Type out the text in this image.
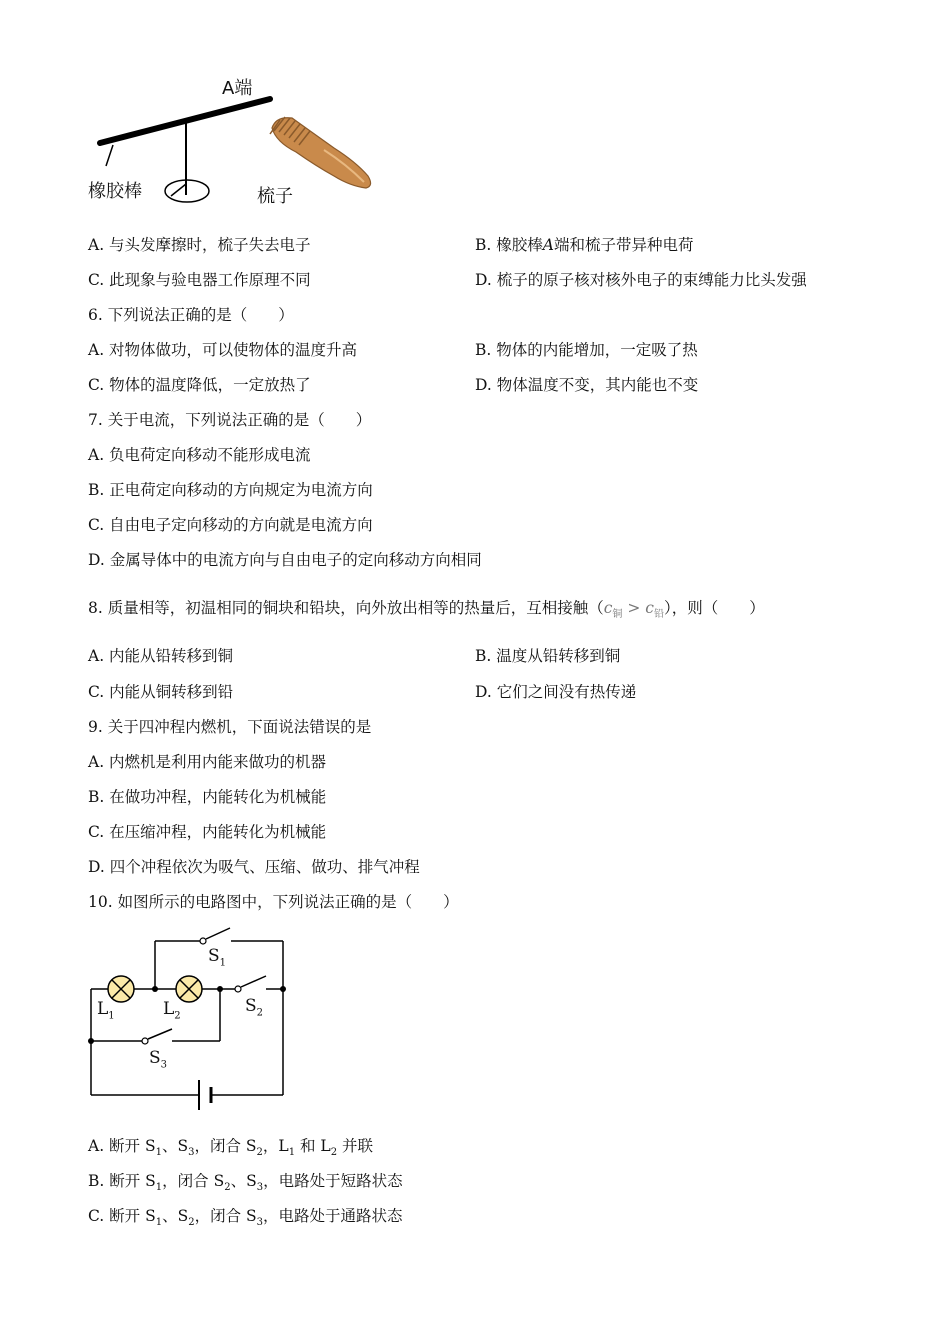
A端
橡胶棒	梳子
A. 与头发摩擦时，梳子失去电子	B. 橡胶棒A端和梳子带异种电荷
C. 此现象与验电器工作原理不同	D. 梳子的原子核对核外电子的束缚能力比头发强
6. 下列说法正确的是（　　）
A. 对物体做功，可以使物体的温度升高	B. 物体的内能增加，一定吸了热
C. 物体的温度降低，一定放热了	D. 物体温度不变，其内能也不变
7. 关于电流，下列说法正确的是（　　）
A. 负电荷定向移动不能形成电流
B. 正电荷定向移动的方向规定为电流方向
C. 自由电子定向移动的方向就是电流方向
D. 金属导体中的电流方向与自由电子的定向移动方向相同
8. 质量相等，初温相同的铜块和铅块，向外放出相等的热量后，互相接触$(c_铜 > c_铅)$，则（　　）
A. 内能从铅转移到铜	B. 温度从铅转移到铜
C. 内能从铜转移到铅	D. 它们之间没有热传递
9. 关于四冲程内燃机，下面说法错误的是
A. 内燃机是利用内能来做功的机器
B. 在做功冲程，内能转化为机械能
C. 在压缩冲程，内能转化为机械能
D. 四个冲程依次为吸气、压缩、做功、排气冲程
10. 如图所示的电路图中，下列说法正确的是（　　）
$S_1$
$S_2$
$S_3$
$L_1$	$L_2$
A. 断开 $S_1$、$S_3$，闭合 $S_2$，$L_1$ 和 $L_2$ 并联
B. 断开 $S_1$，闭合 $S_2$、$S_3$，电路处于短路状态
C. 断开 $S_1$、$S_2$，闭合 $S_3$，电路处于通路状态
